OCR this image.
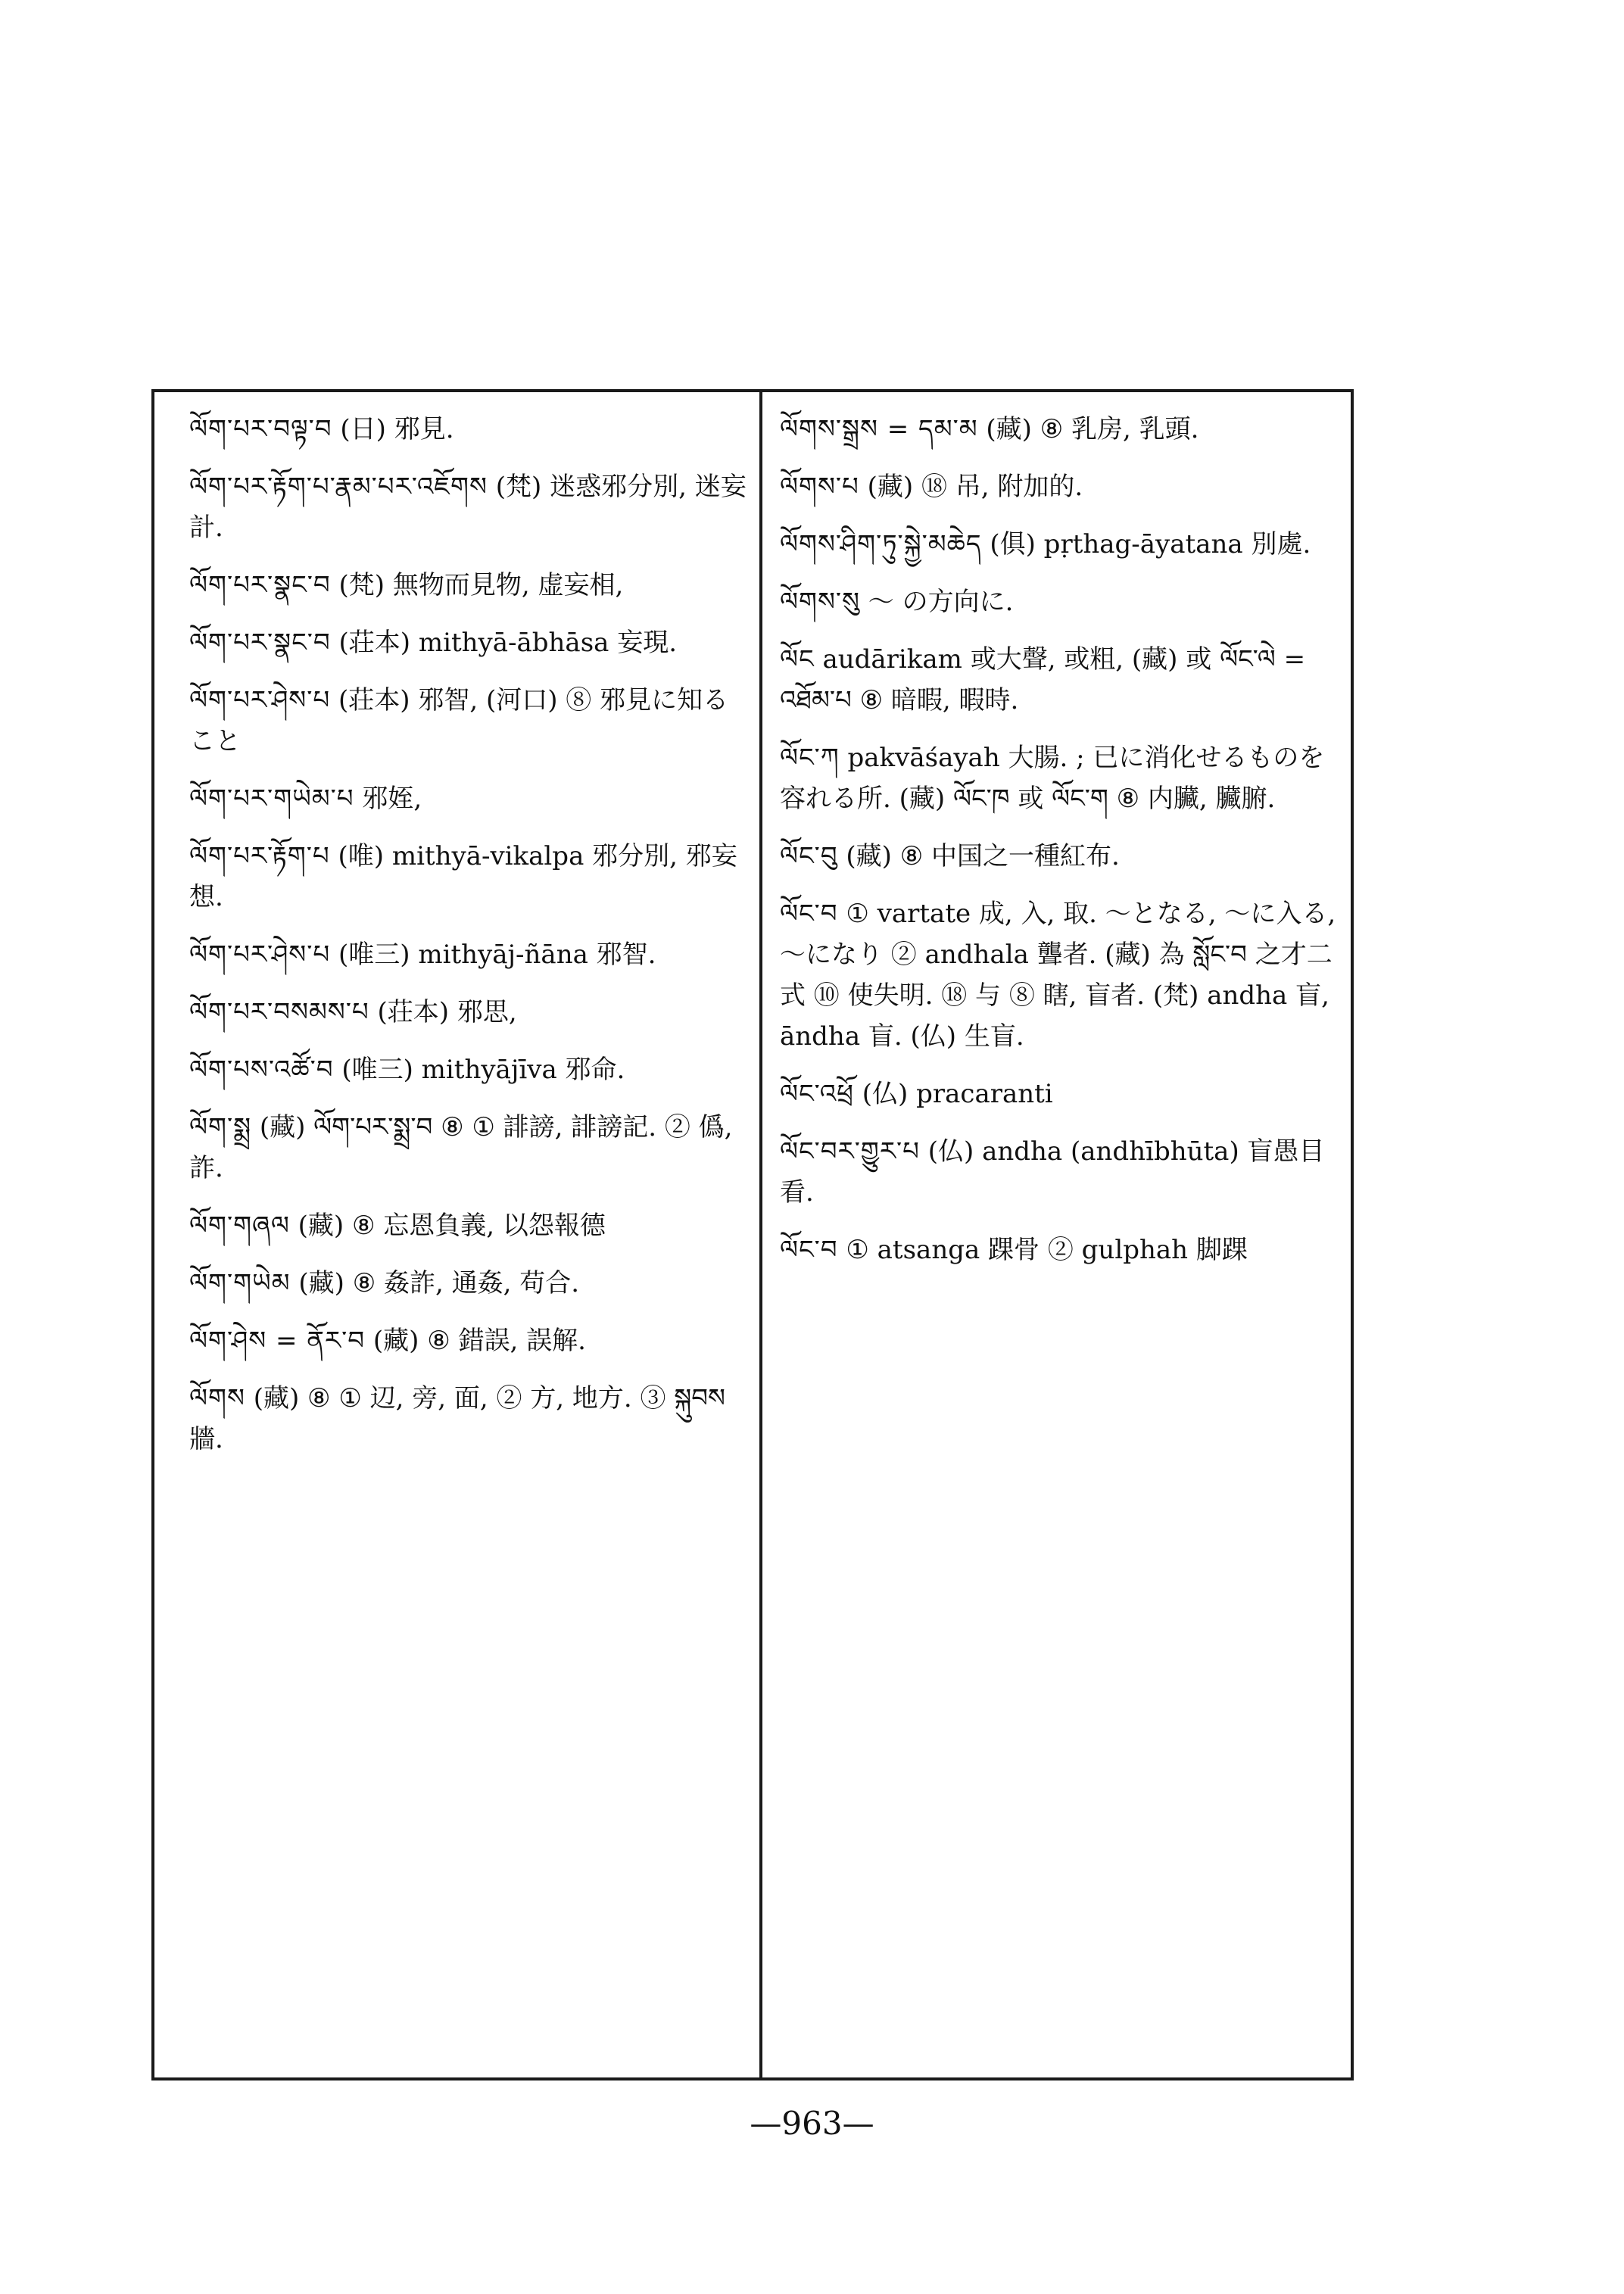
ལོག་པར་བལྟ་བ (日) 邪見.
ལོག་པར་རྟོག་པ་རྣམ་པར་འཇོགས (梵) 迷惑邪分別, 迷妄計.
ལོག་པར་སྣང་བ (梵) 無物而見物, 虚妄相,
ལོག་པར་སྣང་བ (荘本) mithyā-ābhāsa 妄現.
ལོག་པར་ཤེས་པ (荘本) 邪智, (河口) ⑧ 邪見に知ること
ལོག་པར་གཡེམ་པ 邪姪,
ལོག་པར་རྟོག་པ (唯) mithyā-vikalpa 邪分別, 邪妄想.
ལོག་པར་ཤེས་པ (唯三) mithyāj-ñāna 邪智.
ལོག་པར་བསམས་པ (荘本) 邪思,
ལོག་པས་འཚོ་བ (唯三) mithyājīva 邪命.
ལོག་སྨྲ (藏) ལོག་པར་སྨྲ་བ ⑧ ① 誹謗, 誹謗記. ② 僞, 詐.
ལོག་གཞལ (藏) ⑧ 忘恩負義, 以怨報德
ལོག་གཡེམ (藏) ⑧ 姦詐, 通姦, 苟合.
ལོག་ཤེས = ནོར་བ (藏) ⑧ 錯誤, 誤解.
ལོགས (藏) ⑧ ① 辺, 旁, 面, ② 方, 地方. ③ སྐུབས 牆.
ལོགས་སྒྲས = དམ་མ (藏) ⑧ 乳房, 乳頭.
ལོགས་པ (藏) ⑱ 吊, 附加的.
ལོགས་ཤིག་ཏུ་སྐྱེ་མཆེད (俱) pṛthag-āyatana 別處.
ལོགས་སུ ～ の方向に.
ལོང audārikam 或大聲, 或粗, (藏) 或 ལོང་ལེ = འཐོམ་པ ⑧ 暗暇, 暇時.
ལོང་ཀ pakvāśayah 大腸. ; 已に消化せるものを容れる所. (藏) ལོང་ཁ 或 ལོང་ག ⑧ 内臟, 臟腑.
ལོང་བུ (藏) ⑧ 中国之一種紅布.
ལོང་བ ① vartate 成, 入, 取. ～となる, ～に入る, ～になり ② andhala 聾者. (藏) 為 སློང་བ 之才二式 ⑩ 使失明. ⑱ 与 ⑧ 瞎, 盲者. (梵) andha 盲, āndha 盲. (仏) 生盲.
ལོང་འཕྲོ (仏) pracaranti
ལོང་བར་གྱུར་པ (仏) andha (andhībhūta) 盲愚目看.
ལོང་བ ① atsanga 踝骨 ② gulphah 脚踝
—963—
